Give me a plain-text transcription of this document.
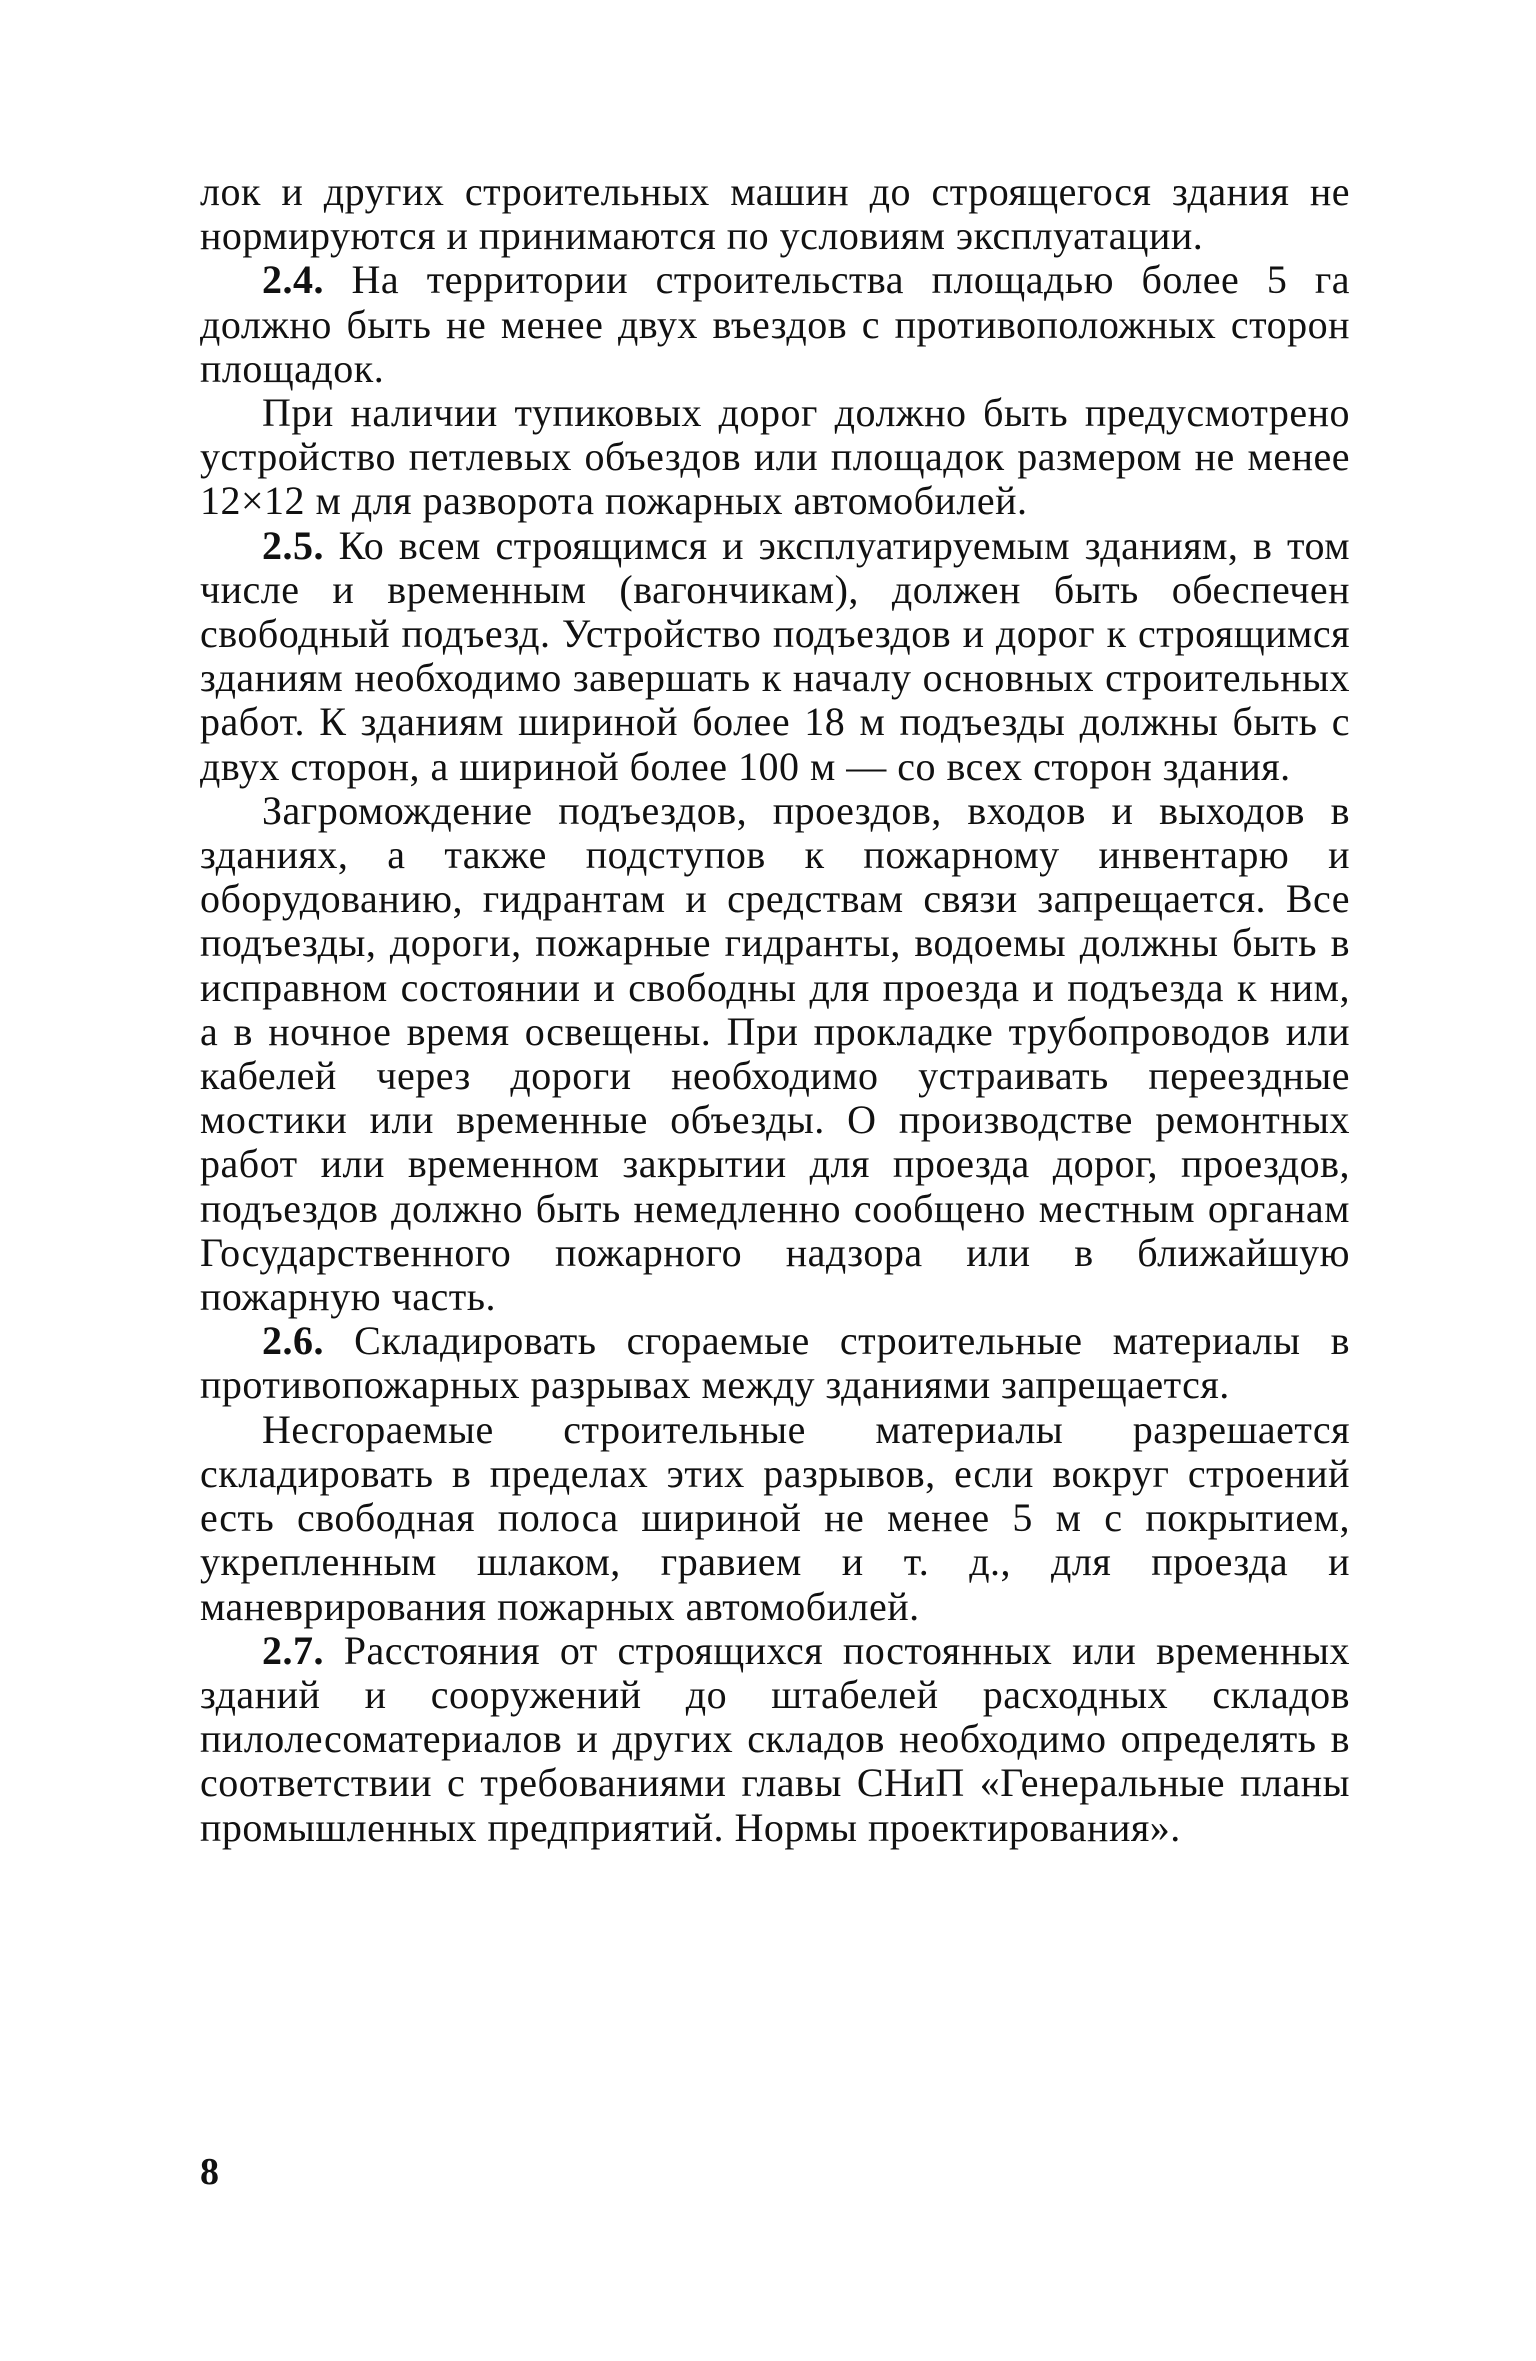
лок и других строительных машин до строящегося здания не нормируются и принимаются по условиям эксплуатации.

2.4. На территории строительства площадью более 5 га должно быть не менее двух въездов с противоположных сторон площадок.

При наличии тупиковых дорог должно быть предусмотрено устройство петлевых объездов или площадок размером не менее 12×12 м для разворота пожарных автомобилей.

2.5. Ко всем строящимся и эксплуатируемым зданиям, в том числе и временным (вагончикам), должен быть обеспечен свободный подъезд. Устройство подъездов и дорог к строящимся зданиям необходимо завершать к началу основных строительных работ. К зданиям шириной более 18 м подъезды должны быть с двух сторон, а шириной более 100 м — со всех сторон здания.

Загромождение подъездов, проездов, входов и выходов в зданиях, а также подступов к пожарному инвентарю и оборудованию, гидрантам и средствам связи запрещается. Все подъезды, дороги, пожарные гидранты, водоемы должны быть в исправном состоянии и свободны для проезда и подъезда к ним, а в ночное время освещены. При прокладке трубопроводов или кабелей через дороги необходимо устраивать переездные мостики или временные объезды. О производстве ремонтных работ или временном закрытии для проезда дорог, проездов, подъездов должно быть немедленно сообщено местным органам Государственного пожарного надзора или в ближайшую пожарную часть.

2.6. Складировать сгораемые строительные материалы в противопожарных разрывах между зданиями запрещается.

Несгораемые строительные материалы разрешается складировать в пределах этих разрывов, если вокруг строений есть свободная полоса шириной не менее 5 м с покрытием, укрепленным шлаком, гравием и т. д., для проезда и маневрирования пожарных автомобилей.

2.7. Расстояния от строящихся постоянных или временных зданий и сооружений до штабелей расходных складов пилолесоматериалов и других складов необходимо определять в соответствии с требованиями главы СНиП «Генеральные планы промышленных предприятий. Нормы проектирования».

8
